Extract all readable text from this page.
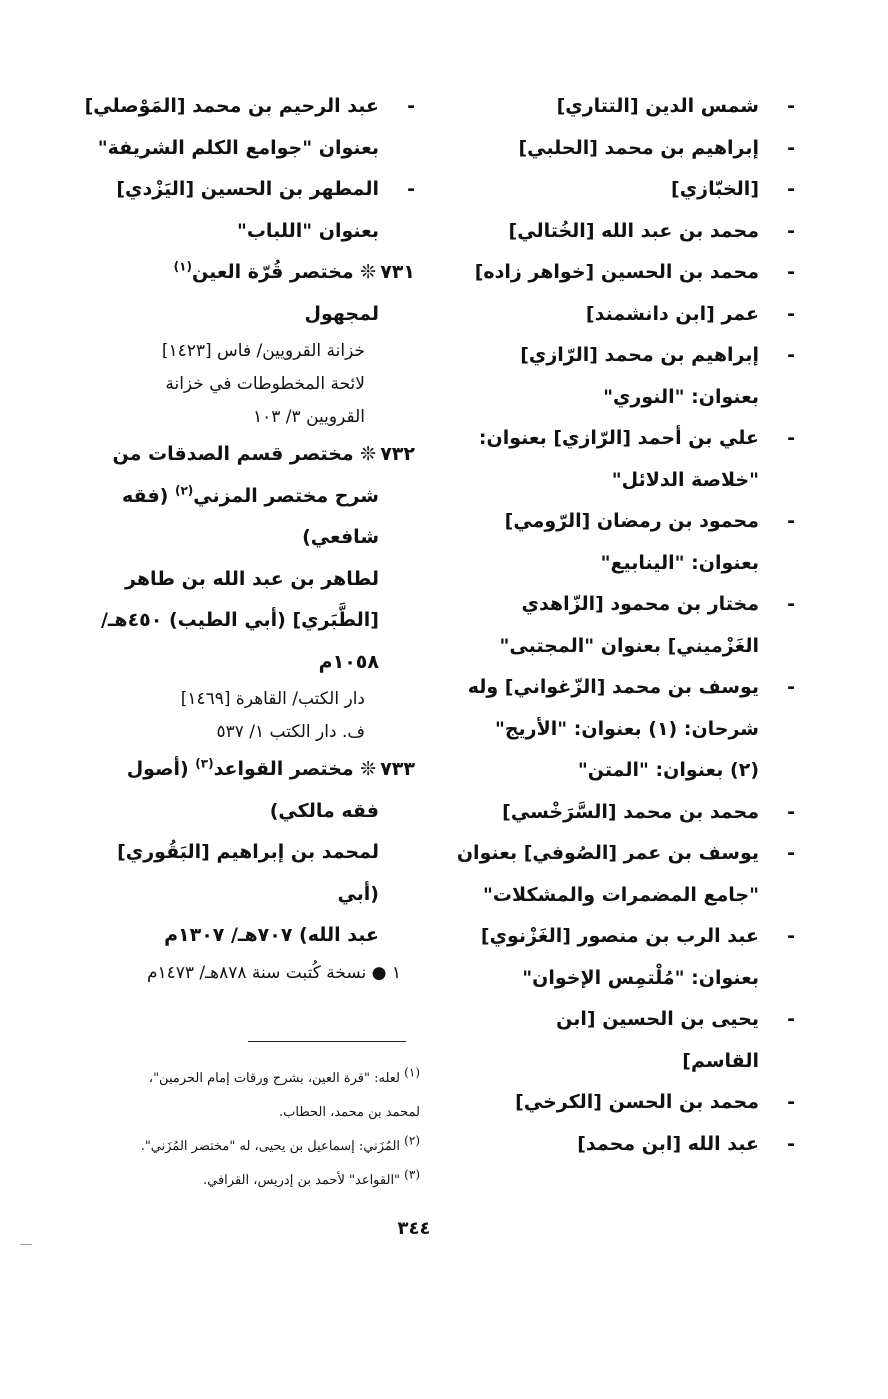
-
شمس الدين [التتاري]
-
إبراهيم بن محمد [الحلبي]
-
[الخبّازي]
-
محمد بن عبد الله [الخُتالي]
-
محمد بن الحسين [خواهر زاده]
-
عمر [ابن دانشمند]
-
إبراهيم بن محمد [الرّازي]
بعنوان: "النوري"
-
علي بن أحمد [الرّازي] بعنوان:
"خلاصة الدلائل"
-
محمود بن رمضان [الرّومي]
بعنوان: "الينابيع"
-
مختار بن محمود [الزّاهدي
الغَزْميني] بعنوان "المجتبى"
-
يوسف بن محمد [الزّغواني] وله
شرحان: (١) بعنوان: "الأريج"
(٢) بعنوان: "المتن"
-
محمد بن محمد [السَّرَخْسي]
-
يوسف بن عمر [الصُوفي] بعنوان
"جامع المضمرات والمشكلات"
-
عبد الرب بن منصور [الغَزْنوي]
بعنوان: "مُلْتمِس الإخوان"
-
يحيى بن الحسين [ابن
القاسم]
-
محمد بن الحسن [الكرخي]
-
عبد الله [ابن محمد]
-
عبد الرحيم بن محمد [المَوْصلي]
بعنوان "جوامع الكلم الشريفة"
-
المطهر بن الحسين [اليَزْدي]
بعنوان "اللباب"
٧٣١❊ مختصر قُرّة العين$^{(١)}$
لمجهول
خزانة القرويين/ فاس [١٤٢٣]
لائحة المخطوطات في خزانة
القرويين ٣/ ١٠٣
٧٣٢❊ مختصر قسم الصدقات من
شرح مختصر المزني$^{(٢)}$ (فقه
شافعي)
لطاهر بن عبد الله بن طاهر
[الطَّبَري] (أبي الطيب) ٤٥٠هـ/
١٠٥٨م
دار الكتب/ القاهرة [١٤٦٩]
ف. دار الكتب ١/ ٥٣٧
٧٣٣❊ مختصر القواعد$^{(٣)}$ (أصول
فقه مالكي)
لمحمد بن إبراهيم [البَقُوري] (أبي
عبد الله) ٧٠٧هـ/ ١٣٠٧م
١ ● نسخة كُتبت سنة ٨٧٨هـ/ ١٤٧٣م
(١) لعله: "قرة العين، بشرح ورقات إمام الحرمين"،
لمحمد بن محمد، الحطاب.
(٢) المُزَني: إسماعيل بن يحيى، له "مختصر المُزَني".
(٣) "القواعد" لأحمد بن إدريس، القرافي.
٣٤٤
